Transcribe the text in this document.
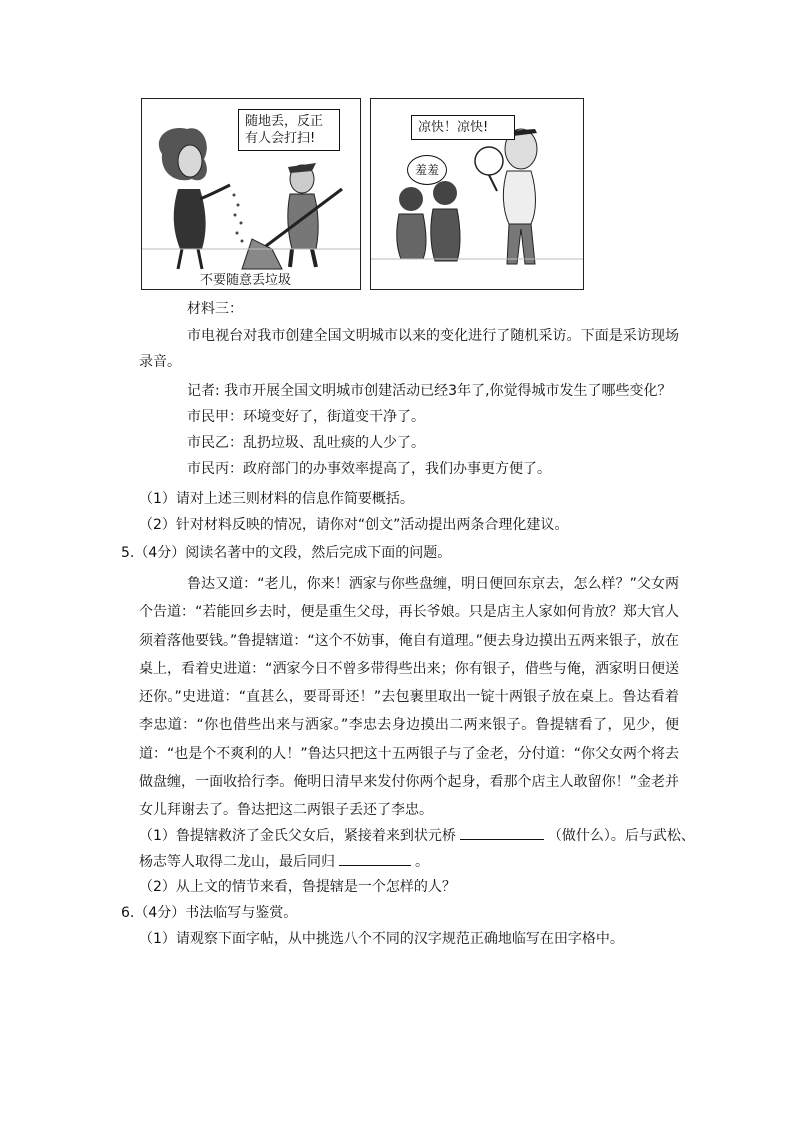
随地丢，反正
有人会打扫!
不要随意丢垃圾
凉快！凉快!
羞羞
材料三：
市电视台对我市创建全国文明城市以来的变化进行了随机采访。下面是采访现场录音。
记者: 我市开展全国文明城市创建活动已经3年了,你觉得城市发生了哪些变化？
市民甲：环境变好了，街道变干净了。
市民乙：乱扔垃圾、乱吐痰的人少了。
市民丙：政府部门的办事效率提高了，我们办事更方便了。
（1）请对上述三则材料的信息作简要概括。
（2）针对材料反映的情况，请你对“创文”活动提出两条合理化建议。
5.（4分）阅读名著中的文段，然后完成下面的问题。
鲁达又道：“老儿，你来！洒家与你些盘缠，明日便回东京去，怎么样？”父女两个告道：“若能回乡去时，便是重生父母，再长爷娘。只是店主人家如何肯放？郑大官人须着落他要钱。”鲁提辖道：“这个不妨事，俺自有道理。”便去身边摸出五两来银子，放在桌上，看着史进道：“洒家今日不曾多带得些出来；你有银子，借些与俺，洒家明日便送还你。”史进道：“直甚么，要哥哥还！”去包裹里取出一锭十两银子放在桌上。鲁达看着李忠道：“你也借些出来与洒家。”李忠去身边摸出二两来银子。鲁提辖看了，见少，便道：“也是个不爽利的人！”鲁达只把这十五两银子与了金老，分付道：“你父女两个将去做盘缠，一面收拾行李。俺明日清早来发付你两个起身，看那个店主人敢留你！”金老并女儿拜谢去了。鲁达把这二两银子丢还了李忠。
（1）鲁提辖救济了金氏父女后，紧接着来到状元桥	（做什么）。后与武松、
杨志等人取得二龙山，最后同归	。
（2）从上文的情节来看，鲁提辖是一个怎样的人？
6.（4分）书法临写与鉴赏。
（1）请观察下面字帖，从中挑选八个不同的汉字规范正确地临写在田字格中。
